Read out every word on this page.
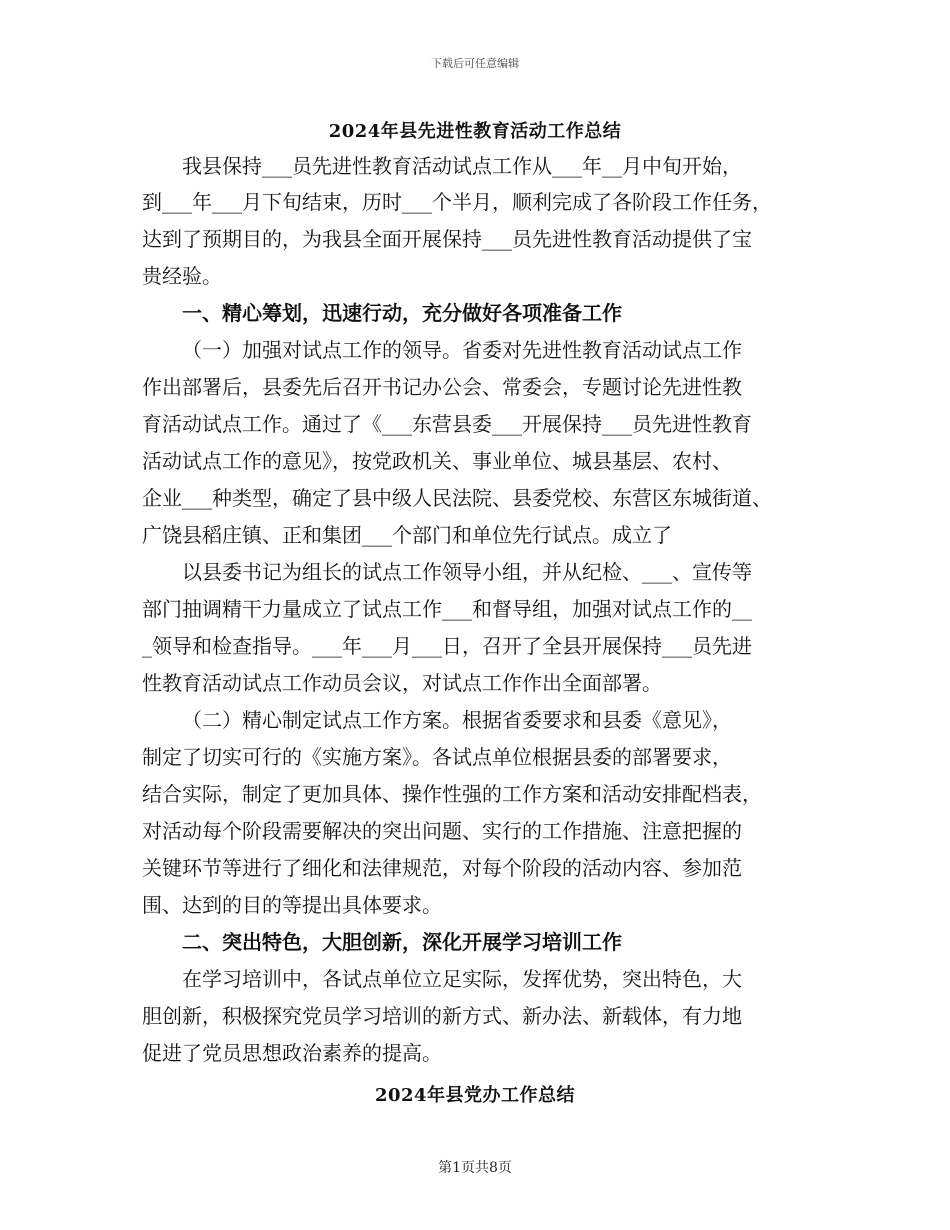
下载后可任意编辑
2024年县先进性教育活动工作总结
我县保持___员先进性教育活动试点工作从___年__月中旬开始，
到___年___月下旬结束，历时___个半月，顺利完成了各阶段工作任务，
达到了预期目的，为我县全面开展保持___员先进性教育活动提供了宝
贵经验。
一、精心筹划，迅速行动，充分做好各项准备工作
（一）加强对试点工作的领导。省委对先进性教育活动试点工作
作出部署后，县委先后召开书记办公会、常委会，专题讨论先进性教
育活动试点工作。通过了《___东营县委___开展保持___员先进性教育
活动试点工作的意见》，按党政机关、事业单位、城县基层、农村、
企业___种类型，确定了县中级人民法院、县委党校、东营区东城街道、
广饶县稻庄镇、正和集团___个部门和单位先行试点。成立了
以县委书记为组长的试点工作领导小组，并从纪检、___、宣传等
部门抽调精干力量成立了试点工作___和督导组，加强对试点工作的__
_领导和检查指导。___年___月___日，召开了全县开展保持___员先进
性教育活动试点工作动员会议，对试点工作作出全面部署。
（二）精心制定试点工作方案。根据省委要求和县委《意见》，
制定了切实可行的《实施方案》。各试点单位根据县委的部署要求，
结合实际，制定了更加具体、操作性强的工作方案和活动安排配档表，
对活动每个阶段需要解决的突出问题、实行的工作措施、注意把握的
关键环节等进行了细化和法律规范，对每个阶段的活动内容、参加范
围、达到的目的等提出具体要求。
二、突出特色，大胆创新，深化开展学习培训工作
在学习培训中，各试点单位立足实际，发挥优势，突出特色，大
胆创新，积极探究党员学习培训的新方式、新办法、新载体，有力地
促进了党员思想政治素养的提高。
2024年县党办工作总结
第1页共8页
